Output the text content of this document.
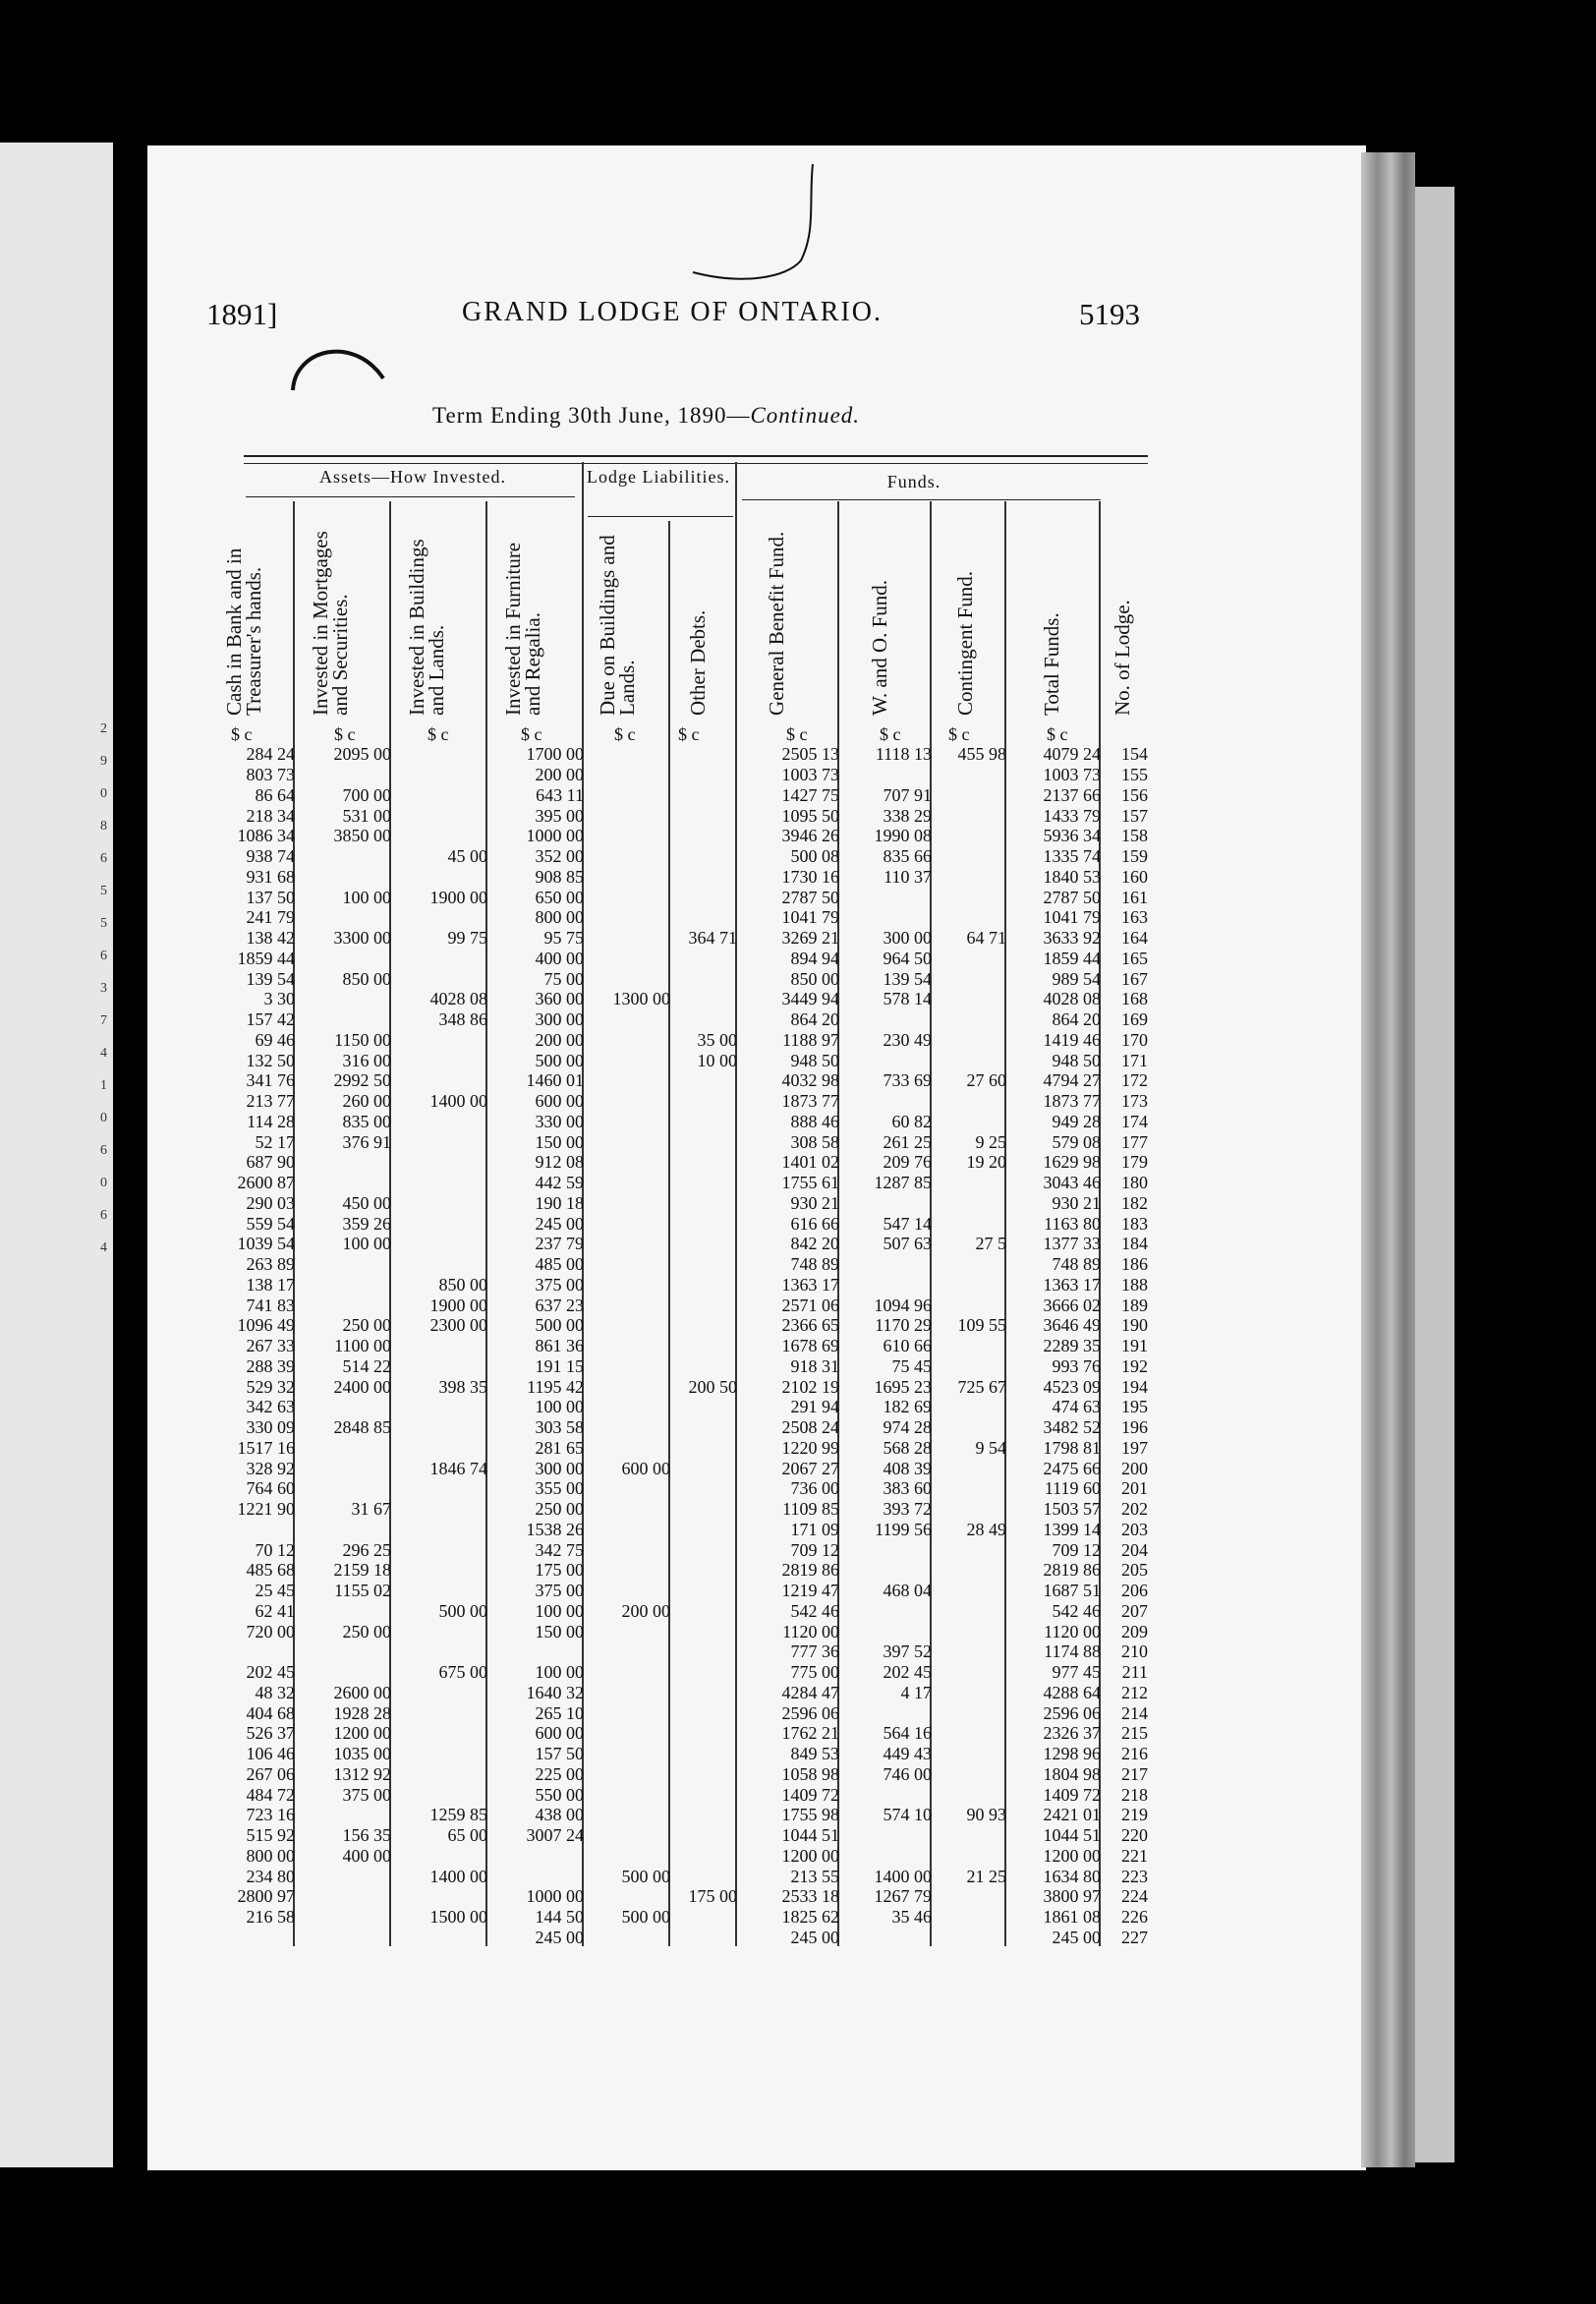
2
9
0
8
6
5
5
6
3
7
4
1
0
6
0
6
4
1891]	GRAND LODGE OF ONTARIO.	5193
Term Ending 30th June, 1890—Continued.
Assets—How Invested.	Lodge Liabilities.	Funds.
Cash in Bank and in Treasurer's hands. Invested in Mortgages and Securities.	Invested in Buildings and Lands.	Invested in Furniture and Regalia. Due on Buildings and Lands. Other Debts.	General Benefit Fund.	W. and O. Fund.	Contingent Fund.	Total Funds.	No. of Lodge.
$ c	$ c	$ c	$ c	$ c $ c	$ c	$ c	$ c	$ c
284 24	2095 00		1700 00			2505 13	1118 13	455 98	4079 24	154
803 73			200 00			1003 73			1003 73	155
86 64	700 00		643 11			1427 75	707 91		2137 66	156
218 34	531 00		395 00			1095 50	338 29		1433 79	157
1086 34	3850 00		1000 00			3946 26	1990 08		5936 34	158
938 74		45 00	352 00			500 08	835 66		1335 74	159
931 68			908 85			1730 16	110 37		1840 53	160
137 50	100 00	1900 00	650 00			2787 50			2787 50	161
241 79			800 00			1041 79			1041 79	163
138 42	3300 00	99 75	95 75		364 71	3269 21	300 00	64 71	3633 92	164
1859 44			400 00			894 94	964 50		1859 44	165
139 54	850 00		75 00			850 00	139 54		989 54	167
3 30		4028 08	360 00	1300 00		3449 94	578 14		4028 08	168
157 42		348 86	300 00			864 20			864 20	169
69 46	1150 00		200 00		35 00	1188 97	230 49		1419 46	170
132 50	316 00		500 00		10 00	948 50			948 50	171
341 76	2992 50		1460 01			4032 98	733 69	27 60	4794 27	172
213 77	260 00	1400 00	600 00			1873 77			1873 77	173
114 28	835 00		330 00			888 46	60 82		949 28	174
52 17	376 91		150 00			308 58	261 25	9 25	579 08	177
687 90			912 08			1401 02	209 76	19 20	1629 98	179
2600 87			442 59			1755 61	1287 85		3043 46	180
290 03	450 00		190 18			930 21			930 21	182
559 54	359 26		245 00			616 66	547 14		1163 80	183
1039 54	100 00		237 79			842 20	507 63	27 5	1377 33	184
263 89			485 00			748 89			748 89	186
138 17		850 00	375 00			1363 17			1363 17	188
741 83		1900 00	637 23			2571 06	1094 96		3666 02	189
1096 49	250 00	2300 00	500 00			2366 65	1170 29	109 55	3646 49	190
267 33	1100 00		861 36			1678 69	610 66		2289 35	191
288 39	514 22		191 15			918 31	75 45		993 76	192
529 32	2400 00	398 35	1195 42		200 50	2102 19	1695 23	725 67	4523 09	194
342 63			100 00			291 94	182 69		474 63	195
330 09	2848 85		303 58			2508 24	974 28		3482 52	196
1517 16			281 65			1220 99	568 28	9 54	1798 81	197
328 92		1846 74	300 00	600 00		2067 27	408 39		2475 66	200
764 60			355 00			736 00	383 60		1119 60	201
1221 90	31 67		250 00			1109 85	393 72		1503 57	202
			1538 26			171 09	1199 56	28 49	1399 14	203
70 12	296 25		342 75			709 12			709 12	204
485 68	2159 18		175 00			2819 86			2819 86	205
25 45	1155 02		375 00			1219 47	468 04		1687 51	206
62 41		500 00	100 00	200 00		542 46			542 46	207
720 00	250 00		150 00			1120 00			1120 00	209
						777 36	397 52		1174 88	210
202 45		675 00	100 00			775 00	202 45		977 45	211
48 32	2600 00		1640 32			4284 47	4 17		4288 64	212
404 68	1928 28		265 10			2596 06			2596 06	214
526 37	1200 00		600 00			1762 21	564 16		2326 37	215
106 46	1035 00		157 50			849 53	449 43		1298 96	216
267 06	1312 92		225 00			1058 98	746 00		1804 98	217
484 72	375 00		550 00			1409 72			1409 72	218
723 16		1259 85	438 00			1755 98	574 10	90 93	2421 01	219
515 92	156 35	65 00	3007 24			1044 51			1044 51	220
800 00	400 00					1200 00			1200 00	221
234 80		1400 00		500 00		213 55	1400 00	21 25	1634 80	223
2800 97			1000 00		175 00	2533 18	1267 79		3800 97	224
216 58		1500 00	144 50	500 00		1825 62	35 46		1861 08	226
			245 00			245 00			245 00	227
